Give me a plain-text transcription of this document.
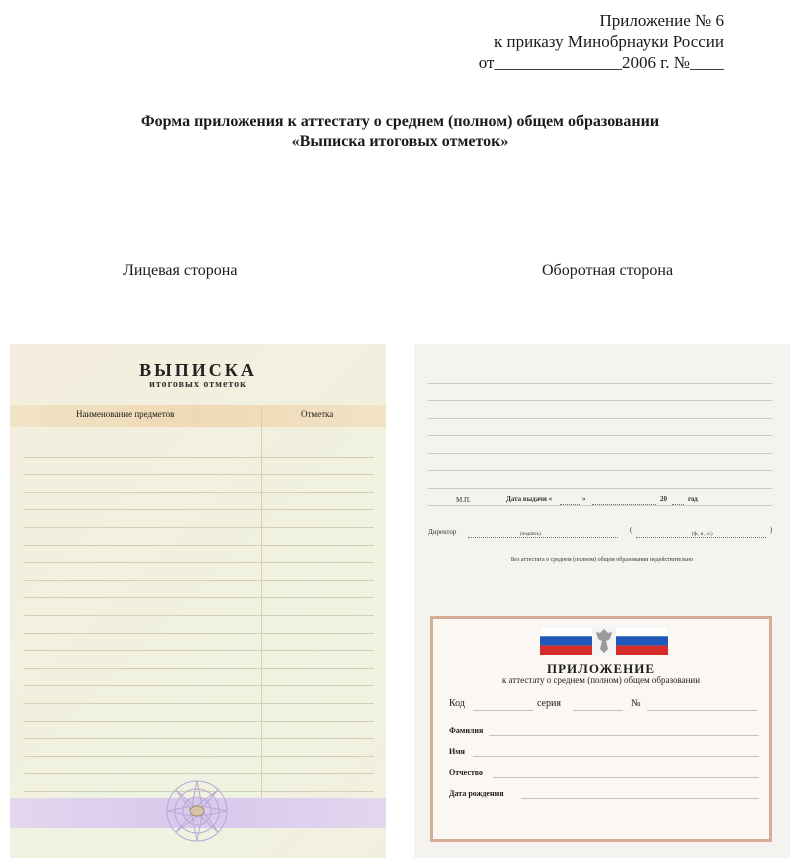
Приложение № 6
к приказу Минобрнауки России
от_______________2006 г. №____
Форма приложения к аттестату о среднем (полном) общем образовании
«Выписка итоговых отметок»
Лицевая сторона	Оборотная сторона
ВЫПИСКА
итоговых отметок
Наименование предметов	Отметка
М.П.	Дата выдачи «	»	20	год
Директор	(подпись)
(
(ф., и., о.)
)
Без аттестата о среднем (полном) общем образовании недействительно
ПРИЛОЖЕНИЕ
к аттестату о среднем (полном) общем образовании
Код	серия	№
Фамилия
Имя
Отчество
Дата рождения
